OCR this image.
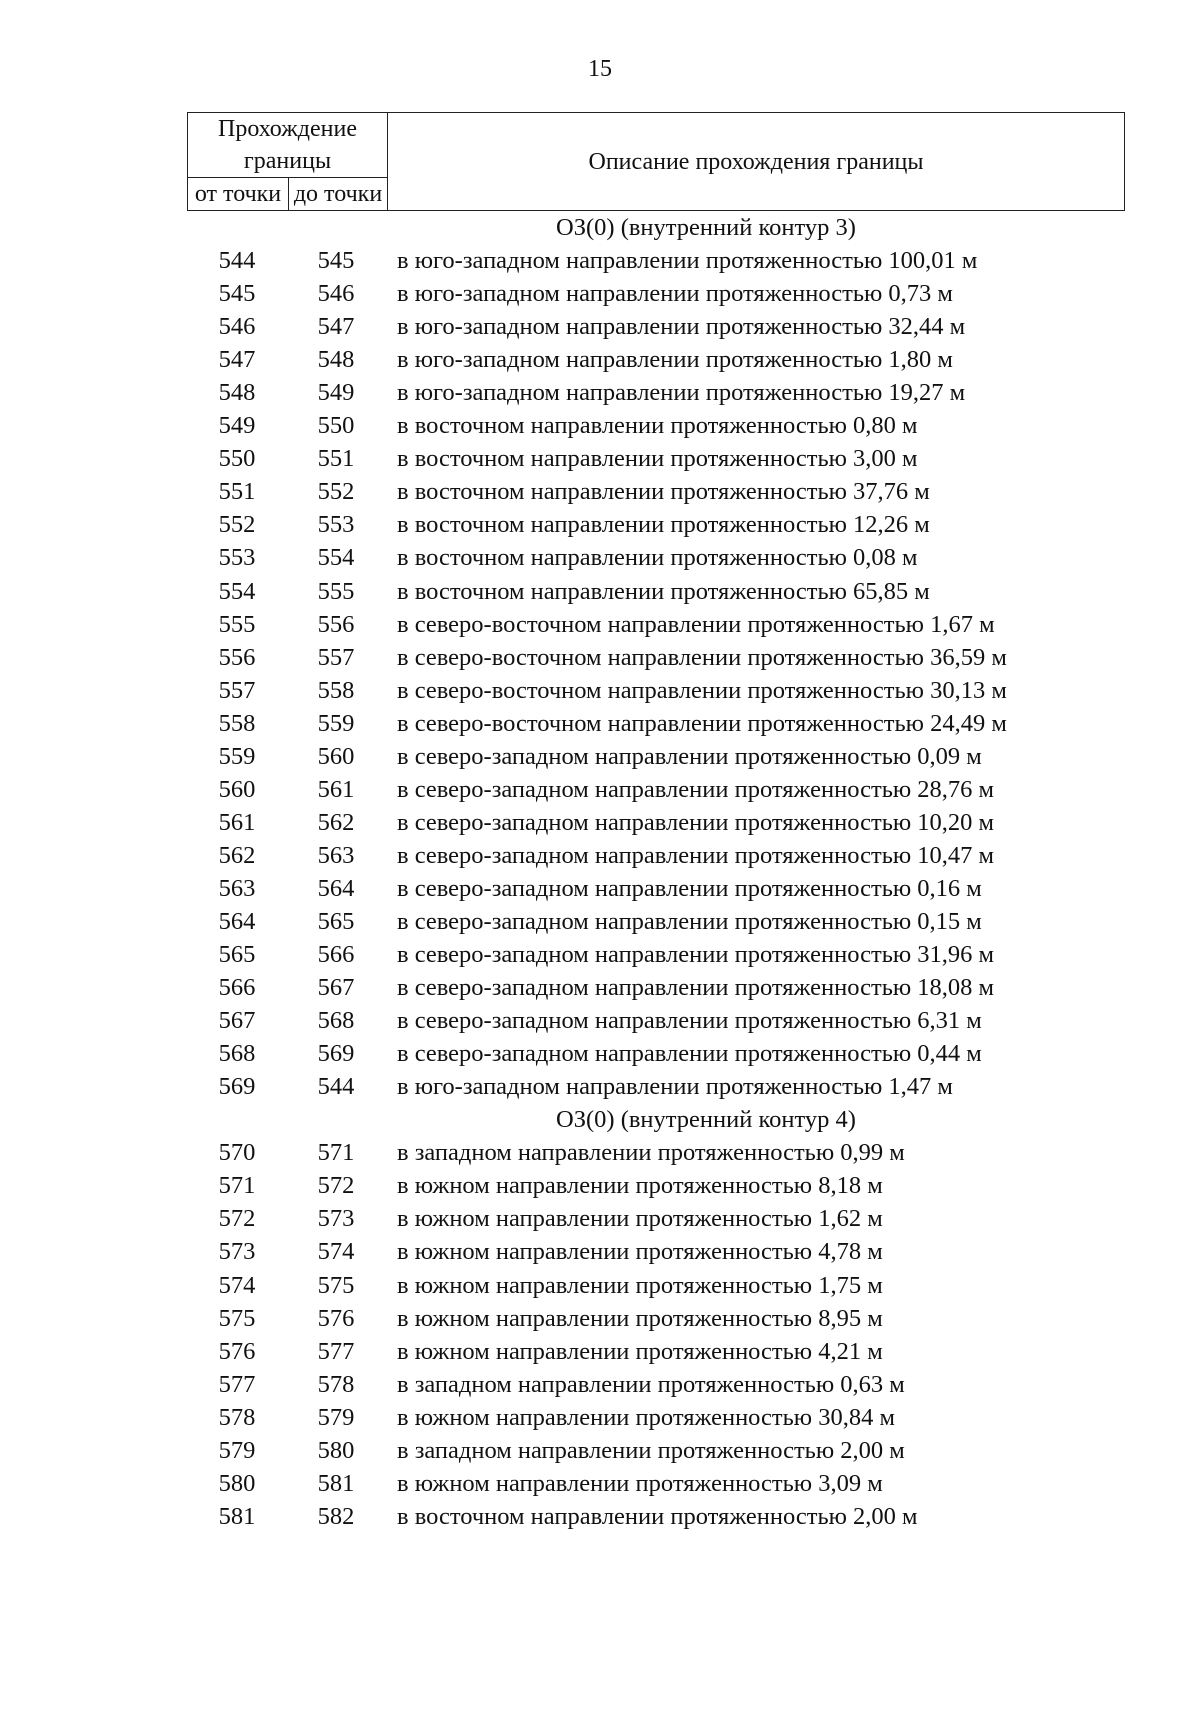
15
Прохождение границы		Описание прохождения границы
от точки	до точки	
ОЗ(0) (внутренний контур 3)
544	545	в юго-западном направлении протяженностью 100,01 м
545	546	в юго-западном направлении протяженностью 0,73 м
546	547	в юго-западном направлении протяженностью 32,44 м
547	548	в юго-западном направлении протяженностью 1,80 м
548	549	в юго-западном направлении протяженностью 19,27 м
549	550	в восточном направлении протяженностью 0,80 м
550	551	в восточном направлении протяженностью 3,00 м
551	552	в восточном направлении протяженностью 37,76 м
552	553	в восточном направлении протяженностью 12,26 м
553	554	в восточном направлении протяженностью 0,08 м
554	555	в восточном направлении протяженностью 65,85 м
555	556	в северо-восточном направлении протяженностью 1,67 м
556	557	в северо-восточном направлении протяженностью 36,59 м
557	558	в северо-восточном направлении протяженностью 30,13 м
558	559	в северо-восточном направлении протяженностью 24,49 м
559	560	в северо-западном направлении протяженностью 0,09 м
560	561	в северо-западном направлении протяженностью 28,76 м
561	562	в северо-западном направлении протяженностью 10,20 м
562	563	в северо-западном направлении протяженностью 10,47 м
563	564	в северо-западном направлении протяженностью 0,16 м
564	565	в северо-западном направлении протяженностью 0,15 м
565	566	в северо-западном направлении протяженностью 31,96 м
566	567	в северо-западном направлении протяженностью 18,08 м
567	568	в северо-западном направлении протяженностью 6,31 м
568	569	в северо-западном направлении протяженностью 0,44 м
569	544	в юго-западном направлении протяженностью 1,47 м
ОЗ(0) (внутренний контур 4)
570	571	в западном направлении протяженностью 0,99 м
571	572	в южном направлении протяженностью 8,18 м
572	573	в южном направлении протяженностью 1,62 м
573	574	в южном направлении протяженностью 4,78 м
574	575	в южном направлении протяженностью 1,75 м
575	576	в южном направлении протяженностью 8,95 м
576	577	в южном направлении протяженностью 4,21 м
577	578	в западном направлении протяженностью 0,63 м
578	579	в южном направлении протяженностью 30,84 м
579	580	в западном направлении протяженностью 2,00 м
580	581	в южном направлении протяженностью 3,09 м
581	582	в восточном направлении протяженностью 2,00 м
